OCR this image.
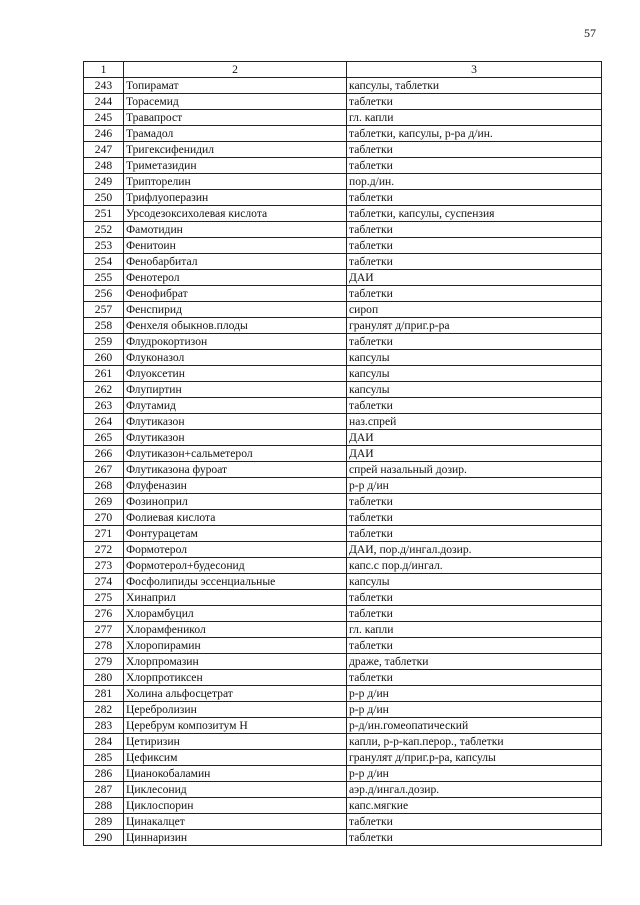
57
1	2	3
243	Топирамат	капсулы, таблетки
244	Торасемид	таблетки
245	Травапрост	гл. капли
246	Трамадол	таблетки, капсулы, р-ра д/ин.
247	Тригексифенидил	таблетки
248	Триметазидин	таблетки
249	Трипторелин	пор.д/ин.
250	Трифлуоперазин	таблетки
251	Урсодезоксихолевая кислота	таблетки, капсулы, суспензия
252	Фамотидин	таблетки
253	Фенитоин	таблетки
254	Фенобарбитал	таблетки
255	Фенотерол	ДАИ
256	Фенофибрат	таблетки
257	Фенспирид	сироп
258	Фенхеля обыкнов.плоды	гранулят д/приг.р-ра
259	Флудрокортизон	таблетки
260	Флуконазол	капсулы
261	Флуоксетин	капсулы
262	Флупиртин	капсулы
263	Флутамид	таблетки
264	Флутиказон	наз.спрей
265	Флутиказон	ДАИ
266	Флутиказон+сальметерол	ДАИ
267	Флутиказона фуроат	спрей назальный дозир.
268	Флуфеназин	р-р д/ин
269	Фозиноприл	таблетки
270	Фолиевая кислота	таблетки
271	Фонтурацетам	таблетки
272	Формотерол	ДАИ, пор.д/ингал.дозир.
273	Формотерол+будесонид	капс.с пор.д/ингал.
274	Фосфолипиды эссенциальные	капсулы
275	Хинаприл	таблетки
276	Хлорамбуцил	таблетки
277	Хлорамфеникол	гл. капли
278	Хлоропирамин	таблетки
279	Хлорпромазин	драже, таблетки
280	Хлорпротиксен	таблетки
281	Холина альфосцетрат	р-р д/ин
282	Церебролизин	р-р д/ин
283	Церебрум композитум Н	р-д/ин.гомеопатический
284	Цетиризин	капли, р-р-кап.перор., таблетки
285	Цефиксим	гранулят д/приг.р-ра, капсулы
286	Цианокобаламин	р-р д/ин
287	Циклесонид	аэр.д/ингал.дозир.
288	Циклоспорин	капс.мягкие
289	Цинакалцет	таблетки
290	Циннаризин	таблетки
